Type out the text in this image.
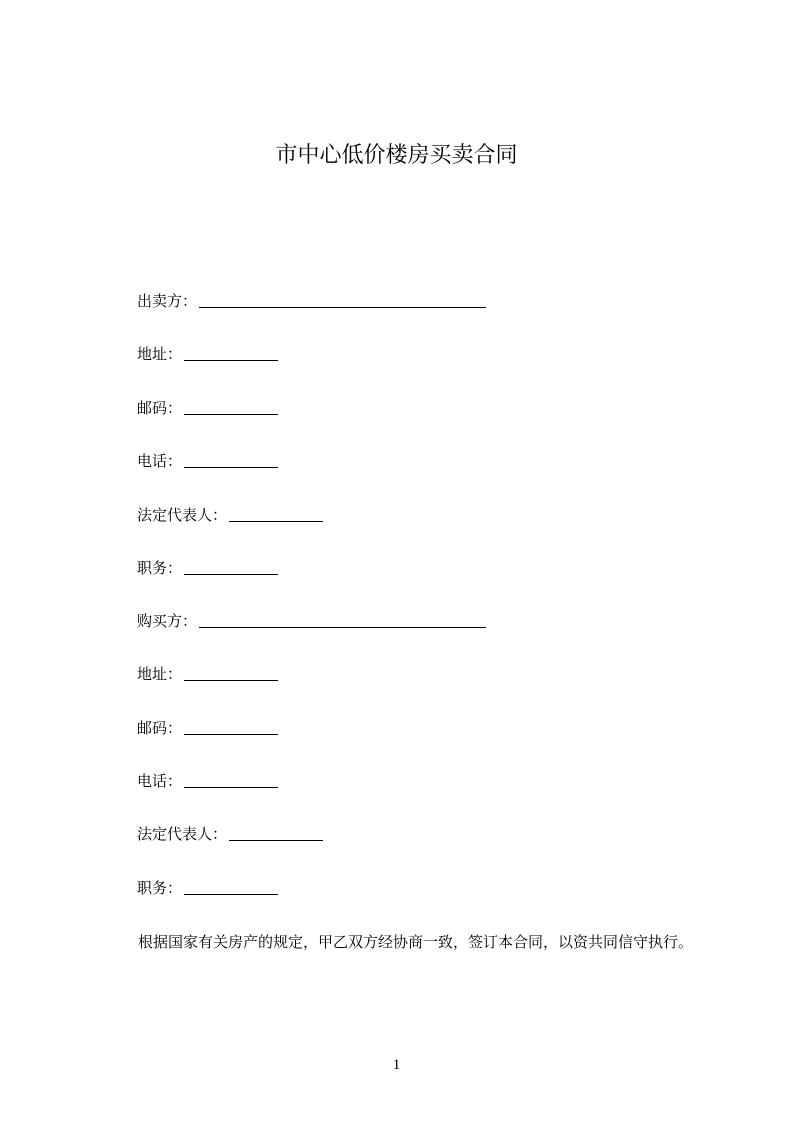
市中心低价楼房买卖合同
出卖方：
地址：
邮码：
电话：
法定代表人：
职务：
购买方：
地址：
邮码：
电话：
法定代表人：
职务：
根据国家有关房产的规定，甲乙双方经协商一致，签订本合同，以资共同信守执行。
1
